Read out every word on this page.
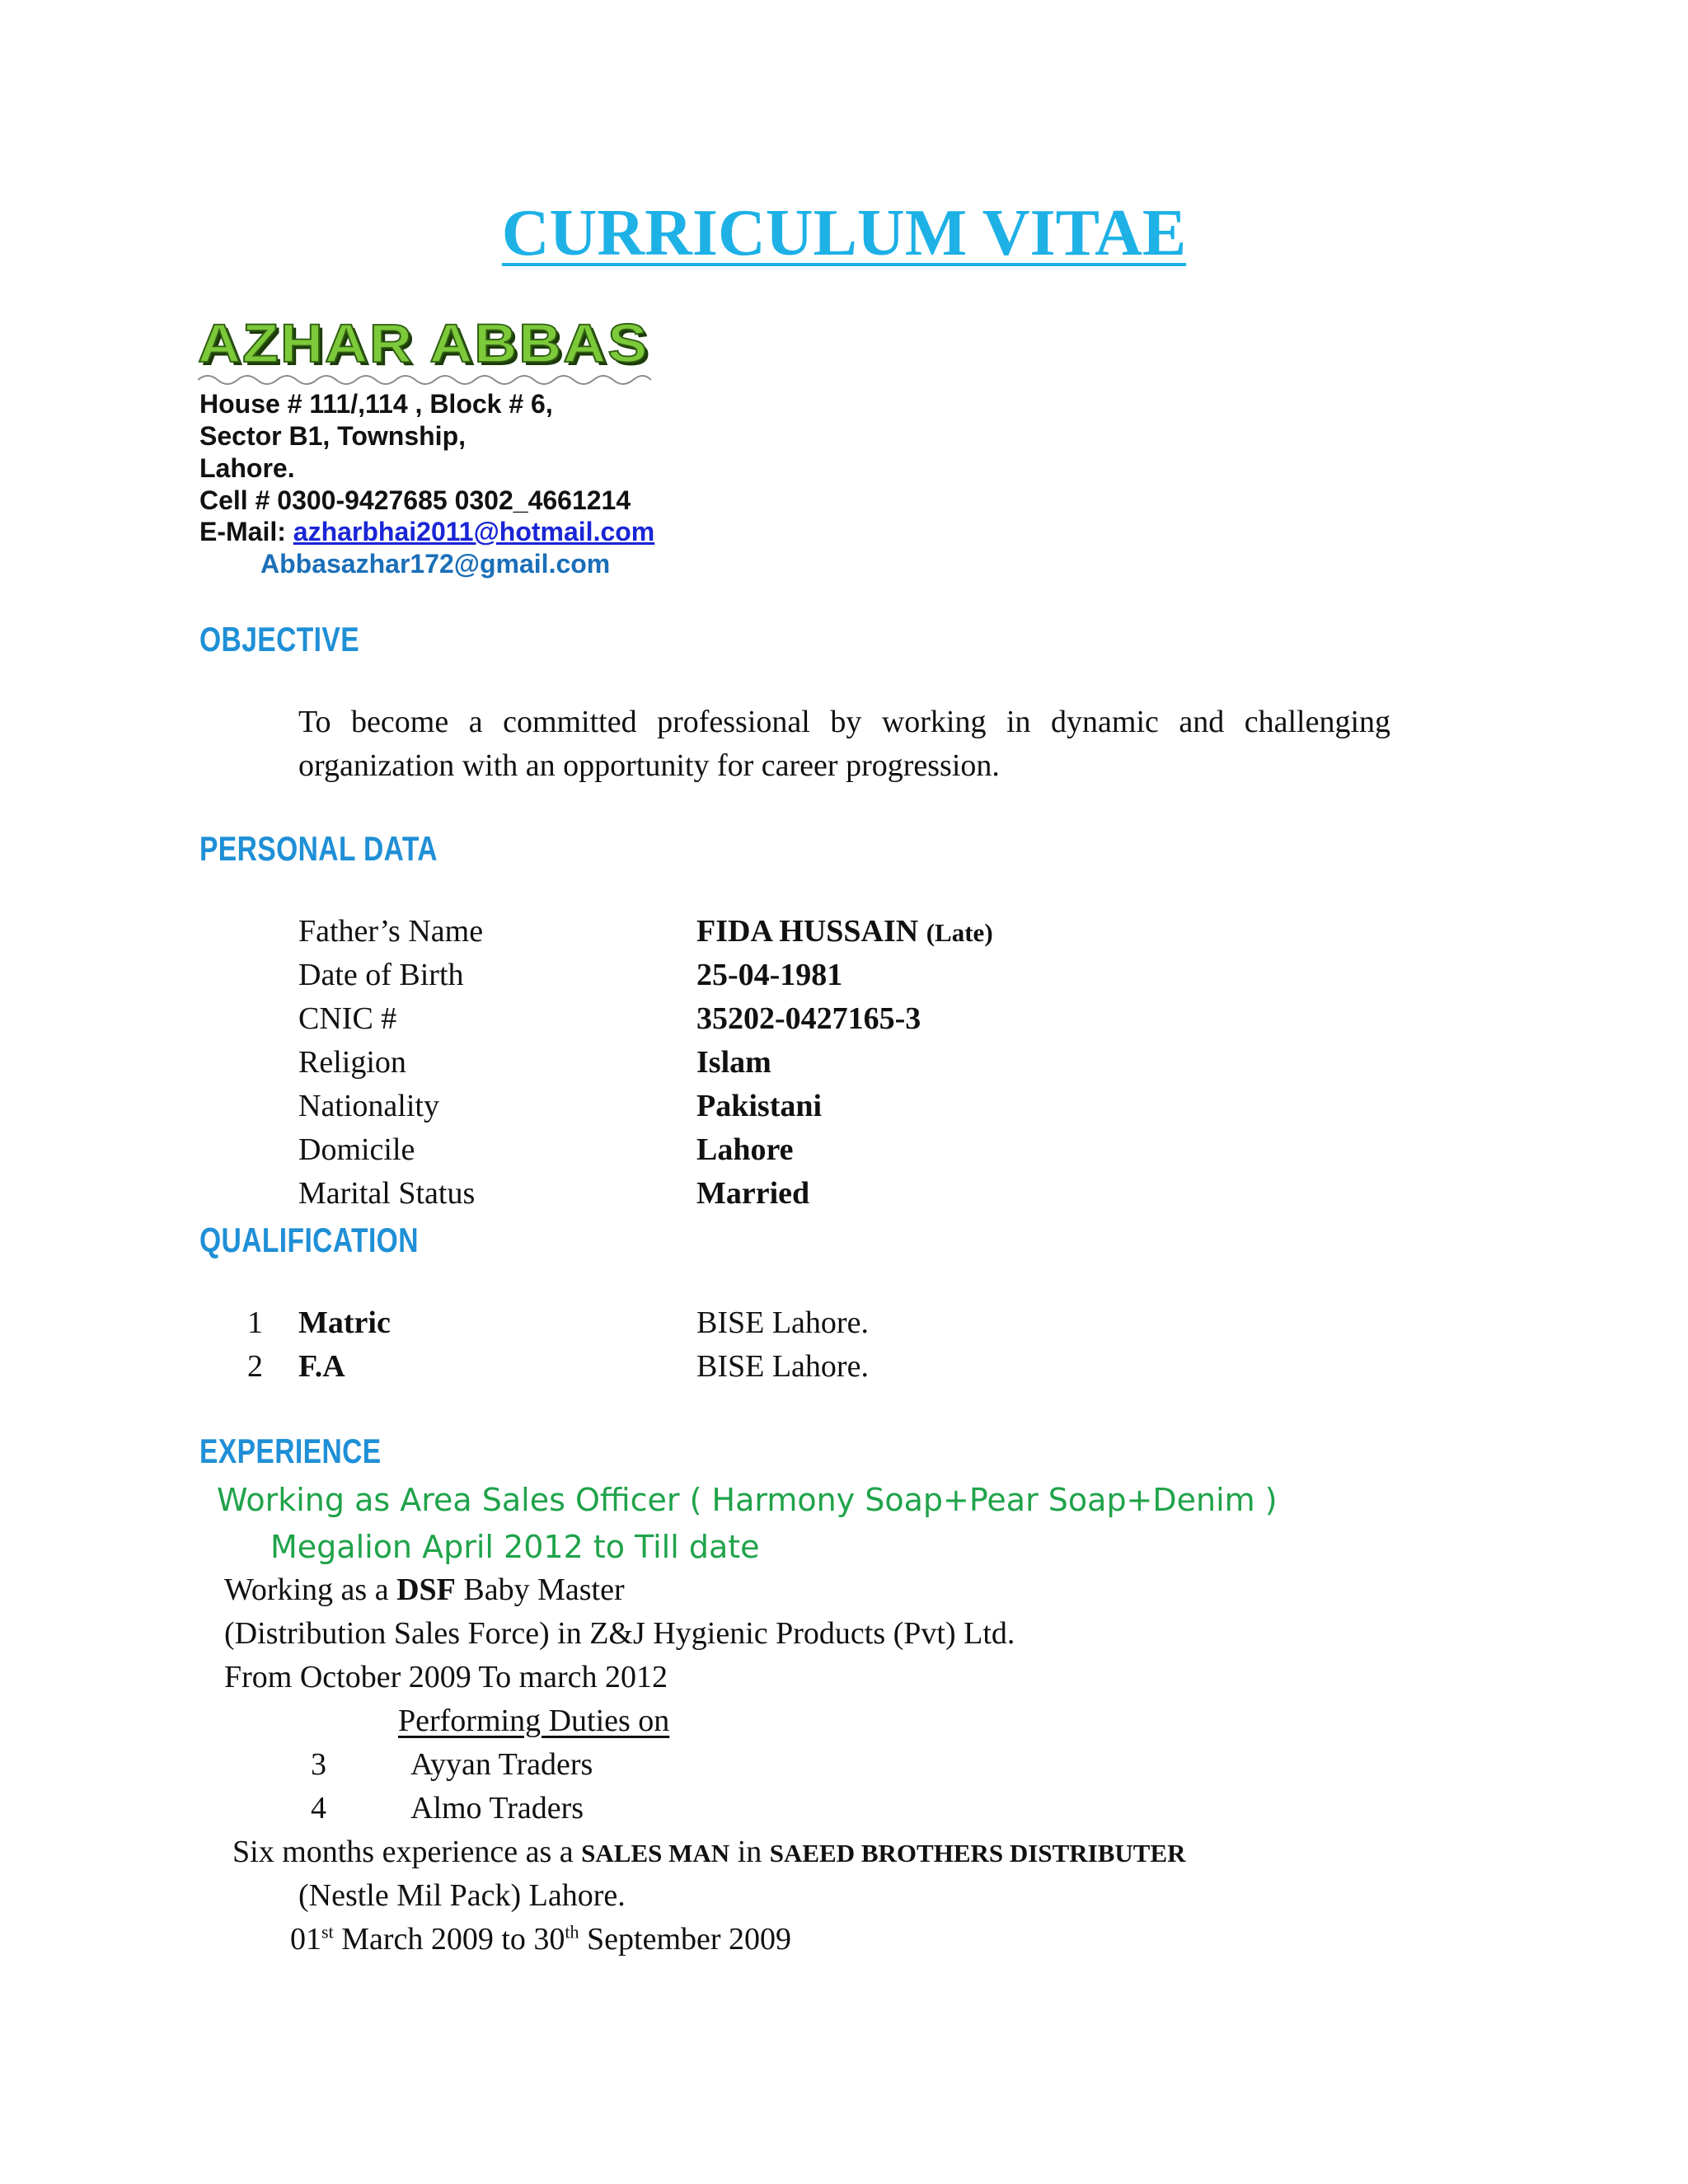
CURRICULUM VITAE
AZHAR ABBAS
House # 111/,114 , Block # 6,
Sector B1, Township,
Lahore.
Cell # 0300-9427685 0302_4661214
E-Mail: azharbhai2011@hotmail.com
Abbasazhar172@gmail.com
OBJECTIVE
To become a committed professional by working in dynamic and challenging organization with an opportunity for career progression.
PERSONAL DATA
Father’s Name	FIDA HUSSAIN (Late)
Date of Birth	25-04-1981
CNIC #	35202-0427165-3
Religion	Islam
Nationality	Pakistani
Domicile	Lahore
Marital Status	Married
QUALIFICATION
1 Matric	BISE Lahore.
2 F.A	BISE Lahore.
EXPERIENCE
Working as Area Sales Officer ( Harmony Soap+Pear Soap+Denim )
Megalion April 2012 to Till date
Working as a DSF Baby Master
(Distribution Sales Force) in Z&J Hygienic Products (Pvt) Ltd.
From October 2009 To march 2012
Performing Duties on
3	Ayyan Traders
4	Almo Traders
Six months experience as a SALES MAN in SAEED BROTHERS DISTRIBUTER
(Nestle Mil Pack) Lahore.
01st March 2009 to 30th September 2009
